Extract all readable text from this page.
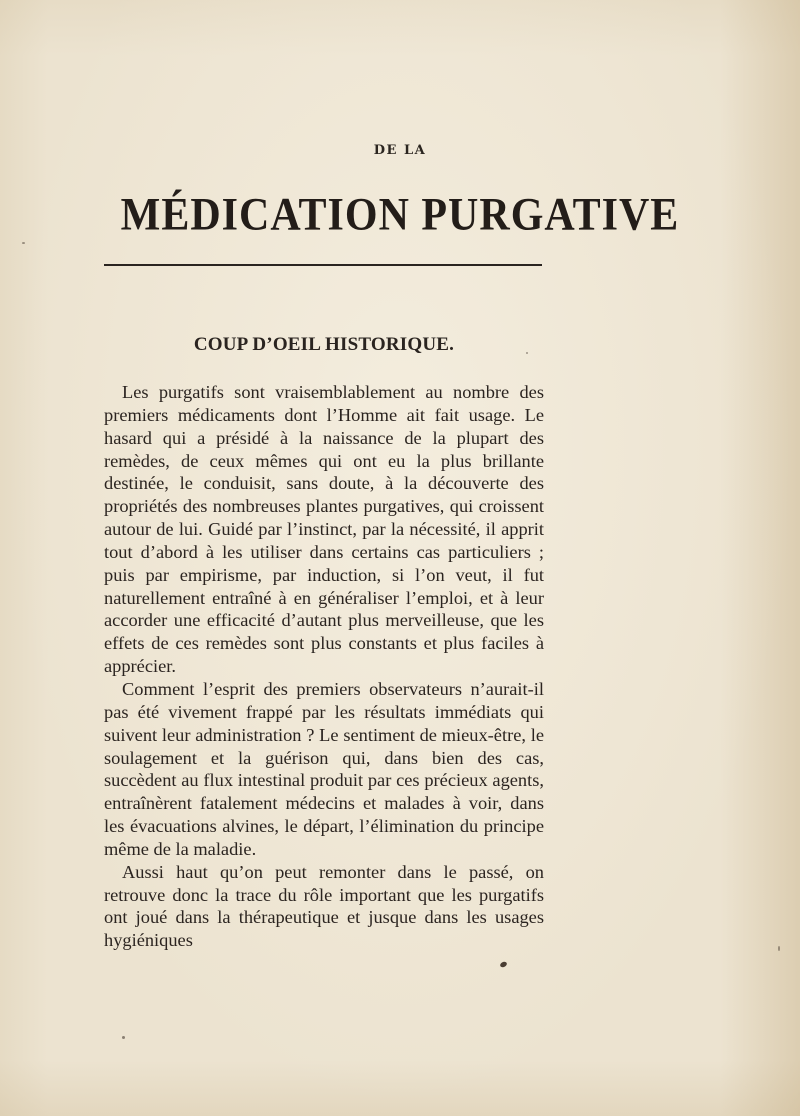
DE LA
MÉDICATION PURGATIVE
COUP D’OEIL HISTORIQUE.

Les purgatifs sont vraisemblablement au nombre des premiers médicaments dont l’Homme ait fait usage. Le hasard qui a présidé à la naissance de la plupart des remèdes, de ceux mêmes qui ont eu la plus brillante destinée, le conduisit, sans doute, à la découverte des propriétés des nombreuses plantes purgatives, qui croissent autour de lui. Guidé par l’instinct, par la nécessité, il apprit tout d’abord à les utiliser dans certains cas particuliers ; puis par empirisme, par induction, si l’on veut, il fut naturellement entraîné à en généraliser l’emploi, et à leur accorder une efficacité d’autant plus merveilleuse, que les effets de ces remèdes sont plus constants et plus faciles à apprécier.

Comment l’esprit des premiers observateurs n’aurait-il pas été vivement frappé par les résultats immédiats qui suivent leur administration ? Le sentiment de mieux-être, le soulagement et la guérison qui, dans bien des cas, succèdent au flux intestinal produit par ces précieux agents, entraînèrent fatalement médecins et malades à voir, dans les évacuations alvines, le départ, l’élimination du principe même de la maladie.

Aussi haut qu’on peut remonter dans le passé, on retrouve donc la trace du rôle important que les purgatifs ont joué dans la thérapeutique et jusque dans les usages hygiéniques
